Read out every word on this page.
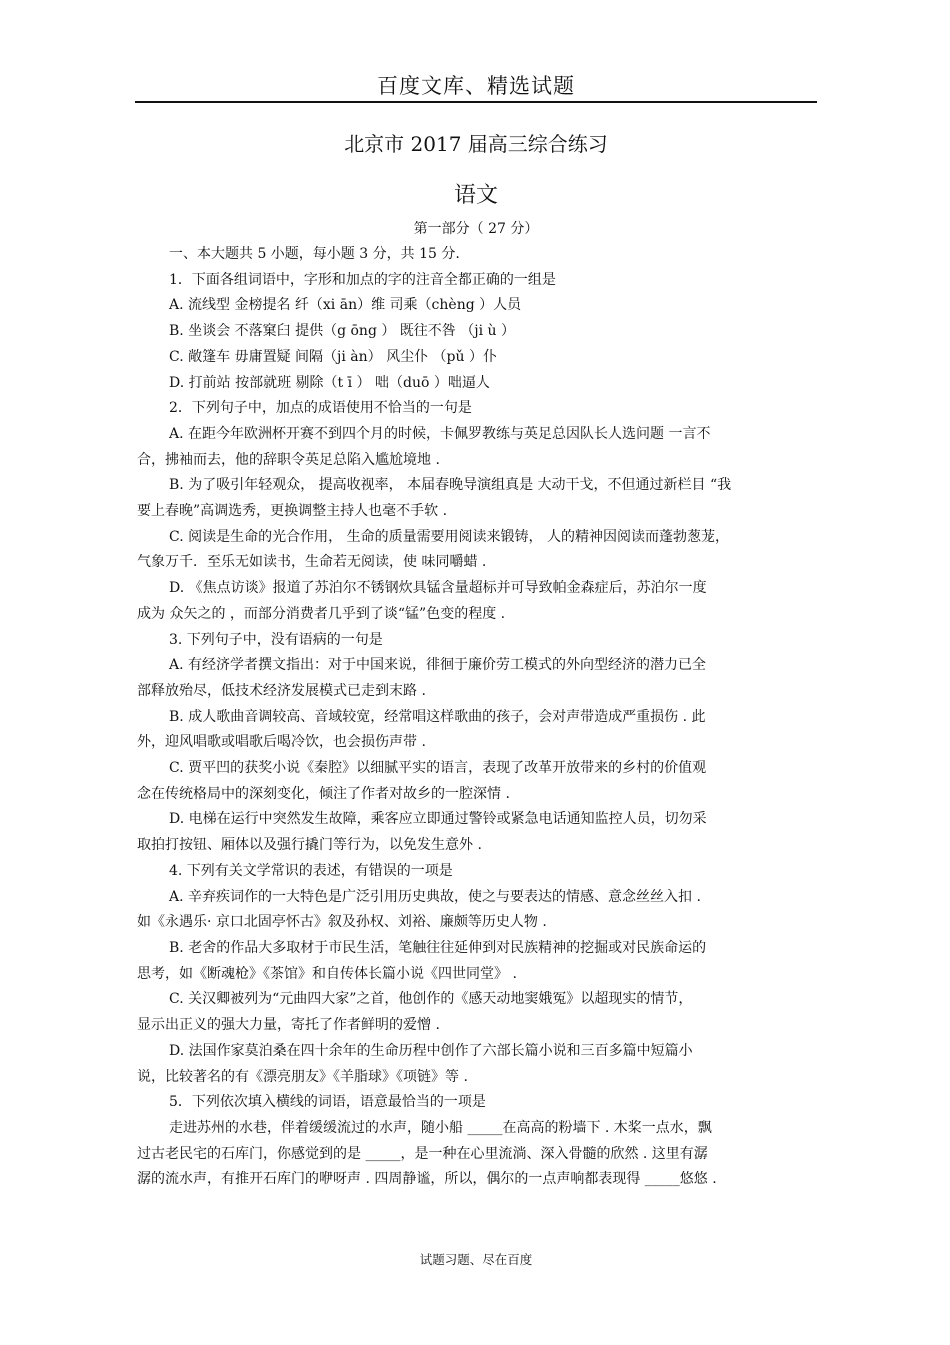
百度文库、精选试题
北京市 2017 届高三综合练习
语文
第一部分（ 27 分）

一、本大题共 5 小题，每小题 3 分，共 15 分.

1．下面各组词语中，字形和加点的字的注音全都正确的一组是

A. 流线型 金榜提名 纤（xi ān）维 司乘（chèng ）人员

B. 坐谈会 不落窠臼 提供（g ōng ） 既往不咎 （ji ù ）

C. 敞篷车 毋庸置疑 间隔（ji àn） 风尘仆 （pǔ ）仆

D. 打前站 按部就班 剔除（t ī ） 咄（duō ）咄逼人

2．下列句子中，加点的成语使用不恰当的一句是

A. 在距今年欧洲杯开赛不到四个月的时候，卡佩罗教练与英足总因队长人选问题 一言不

合，拂袖而去，他的辞职令英足总陷入尴尬境地 .

B. 为了吸引年轻观众， 提高收视率， 本届春晚导演组真是 大动干戈，不但通过新栏目 “我

要上春晚”高调选秀，更换调整主持人也毫不手软 .

C. 阅读是生命的光合作用， 生命的质量需要用阅读来锻铸， 人的精神因阅读而蓬勃葱茏，

气象万千．至乐无如读书，生命若无阅读，使 味同嚼蜡 .

D. 《焦点访谈》报道了苏泊尔不锈钢炊具锰含量超标并可导致帕金森症后，苏泊尔一度

成为 众矢之的 ，而部分消费者几乎到了谈“锰”色变的程度 .

3. 下列句子中，没有语病的一句是

A. 有经济学者撰文指出：对于中国来说，徘徊于廉价劳工模式的外向型经济的潜力已全

部释放殆尽，低技术经济发展模式已走到末路 .

B. 成人歌曲音调较高、音域较宽，经常唱这样歌曲的孩子，会对声带造成严重损伤 . 此

外，迎风唱歌或唱歌后喝冷饮，也会损伤声带 .

C. 贾平凹的获奖小说《秦腔》以细腻平实的语言，表现了改革开放带来的乡村的价值观

念在传统格局中的深刻变化，倾注了作者对故乡的一腔深情 .

D. 电梯在运行中突然发生故障，乘客应立即通过警铃或紧急电话通知监控人员，切勿采

取拍打按钮、厢体以及强行撬门等行为，以免发生意外 .

4. 下列有关文学常识的表述，有错误的一项是

A. 辛弃疾词作的一大特色是广泛引用历史典故，使之与要表达的情感、意念丝丝入扣 .

如《永遇乐· 京口北固亭怀古》叙及孙权、刘裕、廉颇等历史人物 .

B. 老舍的作品大多取材于市民生活，笔触往往延伸到对民族精神的挖掘或对民族命运的

思考，如《断魂枪》《茶馆》和自传体长篇小说《四世同堂》 .

C. 关汉卿被列为“元曲四大家”之首，他创作的《感天动地窦娥冤》以超现实的情节，

显示出正义的强大力量，寄托了作者鲜明的爱憎 .

D. 法国作家莫泊桑在四十余年的生命历程中创作了六部长篇小说和三百多篇中短篇小

说，比较著名的有《漂亮朋友》《羊脂球》《项链》等 .

5．下列依次填入横线的词语，语意最恰当的一项是

走进苏州的水巷，伴着缓缓流过的水声，随小船 _____在高高的粉墙下 . 木桨一点水，飘

过古老民宅的石库门，你感觉到的是 _____，是一种在心里流淌、深入骨髓的欣然 . 这里有潺

潺的流水声，有推开石库门的咿呀声 . 四周静谧，所以，偶尔的一点声响都表现得 _____悠悠 .

试题习题、尽在百度
